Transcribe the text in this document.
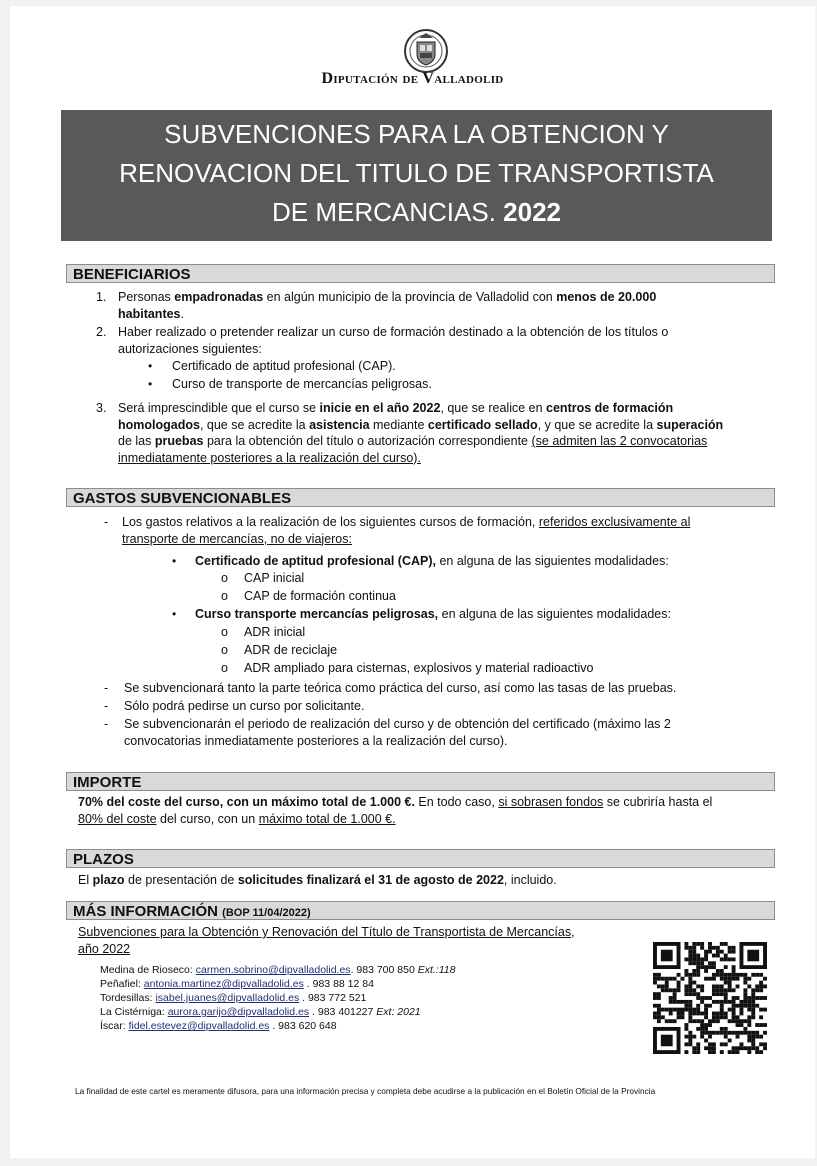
Diputación de Valladolid
SUBVENCIONES PARA LA OBTENCION Y
RENOVACION DEL TITULO DE TRANSPORTISTA
DE MERCANCIAS. 2022
BENEFICIARIOS
1. Personas empadronadas en algún municipio de la provincia de Valladolid con menos de 20.000
habitantes.
2. Haber realizado o pretender realizar un curso de formación destinado a la obtención de los títulos o
autorizaciones siguientes:
• Certificado de aptitud profesional (CAP).
• Curso de transporte de mercancías peligrosas.
3. Será imprescindible que el curso se inicie en el año 2022, que se realice en centros de formación
homologados, que se acredite la asistencia mediante certificado sellado, y que se acredite la superación
de las pruebas para la obtención del título o autorización correspondiente (se admiten las 2 convocatorias
inmediatamente posteriores a la realización del curso).
GASTOS SUBVENCIONABLES
- Los gastos relativos a la realización de los siguientes cursos de formación, referidos exclusivamente al
transporte de mercancías, no de viajeros:
• Certificado de aptitud profesional (CAP), en alguna de las siguientes modalidades:
o CAP inicial
o CAP de formación continua
• Curso transporte mercancías peligrosas, en alguna de las siguientes modalidades:
o ADR inicial
o ADR de reciclaje
o ADR ampliado para cisternas, explosivos y material radioactivo
- Se subvencionará tanto la parte teórica como práctica del curso, así como las tasas de las pruebas.
- Sólo podrá pedirse un curso por solicitante.
- Se subvencionarán el periodo de realización del curso y de obtención del certificado (máximo las 2
convocatorias inmediatamente posteriores a la realización del curso).
IMPORTE
70% del coste del curso, con un máximo total de 1.000 €. En todo caso, si sobrasen fondos se cubriría hasta el
80% del coste del curso, con un máximo total de 1.000 €.
PLAZOS
El plazo de presentación de solicitudes finalizará el 31 de agosto de 2022, incluido.
MÁS INFORMACIÓN (BOP 11/04/2022)
Subvenciones para la Obtención y Renovación del Título de Transportista de Mercancías,
año 2022
Medina de Rioseco: carmen.sobrino@dipvalladolid.es. 983 700 850 Ext.:118
Peñafiel: antonia.martinez@dipvalladolid.es . 983 88 12 84
Tordesillas: isabel.juanes@dipvalladolid.es . 983 772 521
La Cistérniga: aurora.garijo@dipvalladolid.es . 983 401227 Ext: 2021
Íscar: fidel.estevez@dipvalladolid.es . 983 620 648
La finalidad de este cartel es meramente difusora, para una información precisa y completa debe acudirse a la publicación en el Boletín Oficial de la Provincia
